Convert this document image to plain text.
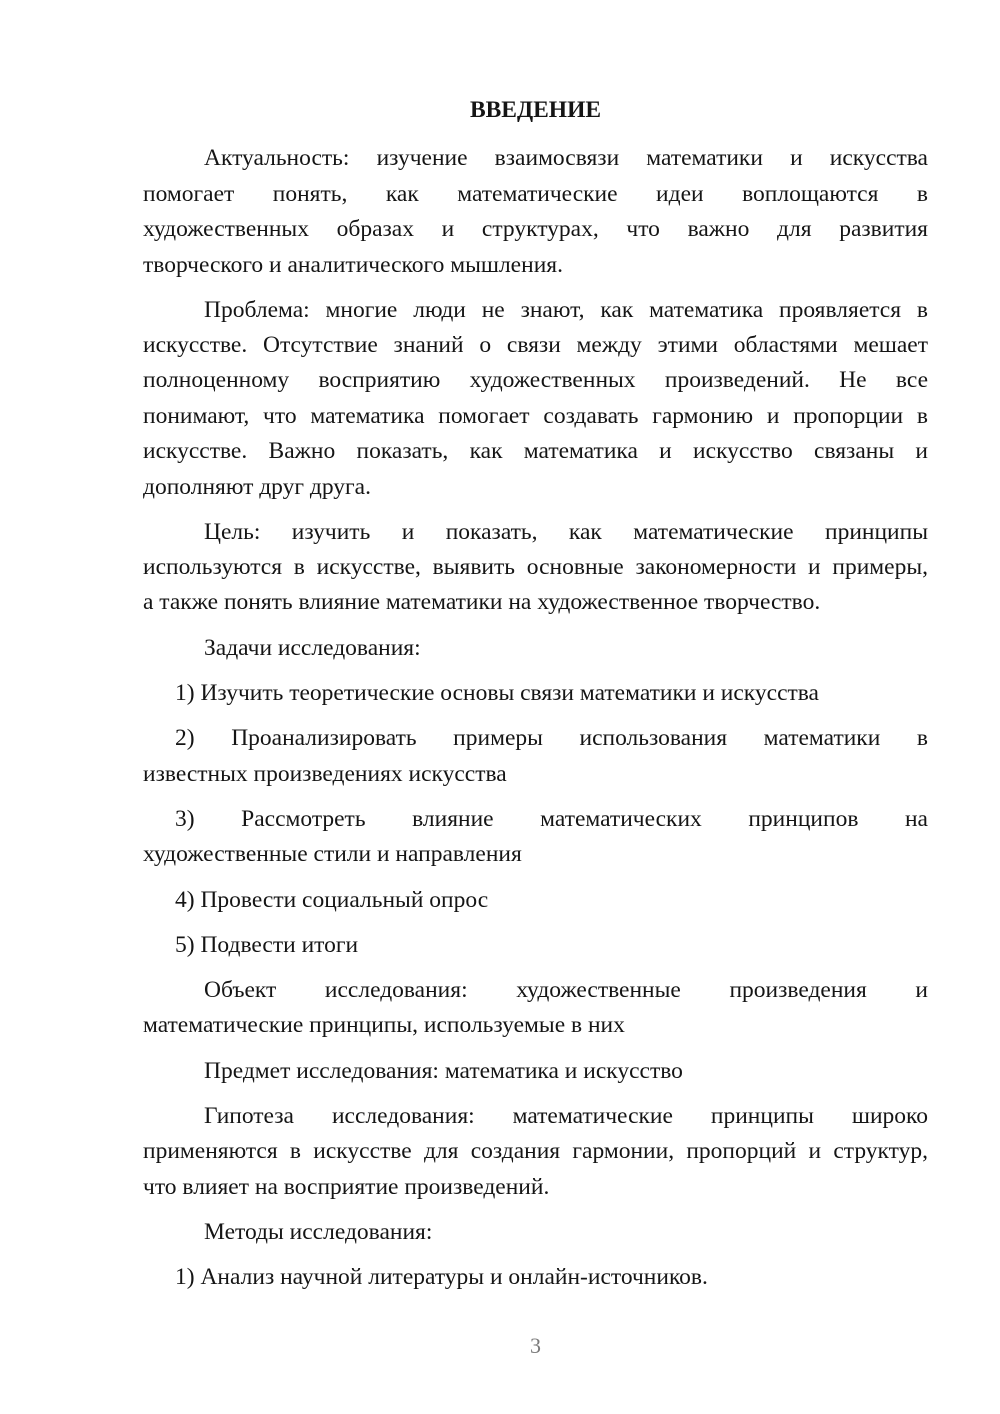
ВВЕДЕНИЕ
Актуальность: изучение взаимосвязи математики и искусства
помогает понять, как математические идеи воплощаются в
художественных образах и структурах, что важно для развития
творческого и аналитического мышления.
Проблема: многие люди не знают, как математика проявляется в
искусстве. Отсутствие знаний о связи между этими областями мешает
полноценному восприятию художественных произведений. Не все
понимают, что математика помогает создавать гармонию и пропорции в
искусстве. Важно показать, как математика и искусство связаны и
дополняют друг друга.
Цель: изучить и показать, как математические принципы
используются в искусстве, выявить основные закономерности и примеры,
а также понять влияние математики на художественное творчество.
Задачи исследования:
1) Изучить теоретические основы связи математики и искусства
2) Проанализировать примеры использования математики в
известных произведениях искусства
3) Рассмотреть влияние математических принципов на
художественные стили и направления
4) Провести социальный опрос
5) Подвести итоги
Объект исследования: художественные произведения и
математические принципы, используемые в них
Предмет исследования: математика и искусство
Гипотеза исследования: математические принципы широко
применяются в искусстве для создания гармонии, пропорций и структур,
что влияет на восприятие произведений.
Методы исследования:
1) Анализ научной литературы и онлайн-источников.
3
